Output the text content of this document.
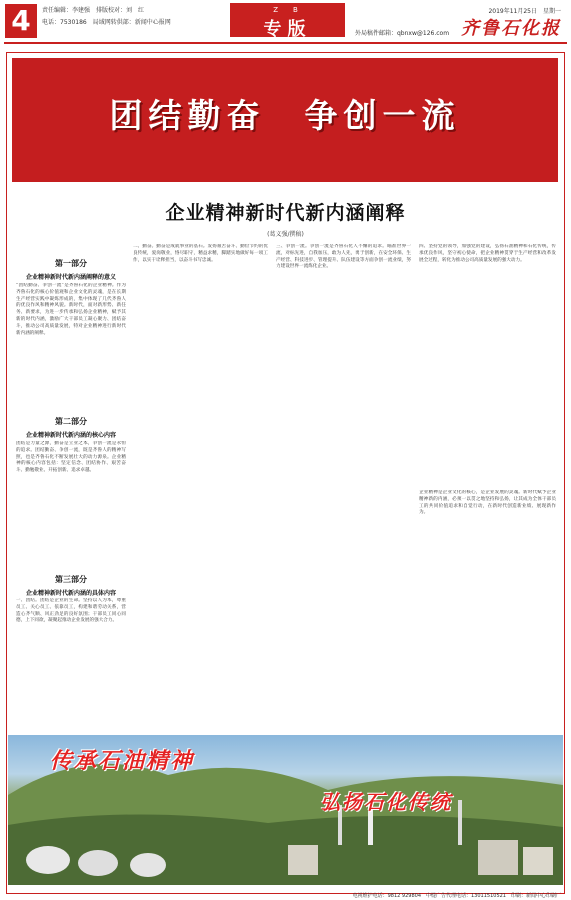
4	责任编辑：李建强　排版校对：刘　红
电话：7530186　局域网转供部：新闻中心报网
Z　B
专版	外局稿件邮箱：qbnxw@126.com
2019年11月25日　星期一
齐鲁石化报
团结勤奋　争创一流
企业精神新时代新内涵阐释
(葛义强/撰稿)
第一部分
企业精神新时代新内涵阐释的意义
“团结勤奋、争创一流”是齐鲁石化的企业精神。作为齐鲁石化的核心价值观和企业文化的灵魂，是在长期生产经营实践中凝炼形成的，集中体现了几代齐鲁人的优良作风和精神风貌。新时代，面对新形势、新任务、新要求，为进一步传承和弘扬企业精神，赋予其新的时代内涵，激励广大干部员工凝心聚力、团结奋斗，推动公司高质量发展，特对企业精神进行新时代新内涵的阐释。
第二部分
企业精神新时代新内涵的核心内容
团结是力量之源，勤奋是立业之本，争创一流是永恒的追求。团结勤奋、争创一流，既是齐鲁人的精神写照，也是齐鲁石化不断发展壮大的动力源泉。企业精神的核心内容包括：坚定信念、团结协作、艰苦奋斗、勤勉敬业、开拓创新、追求卓越。
第三部分
企业精神新时代新内涵的具体内容
一、团结。团结是企业的生命。坚持以人为本，尊重员工、关心员工、依靠员工，构建和谐劳动关系，营造心齐气顺、风正劲足的良好氛围；干部员工同心同德，上下同欲，凝聚起推动企业发展的强大合力。
二、勤奋。勤奋是成就事业的基石。发扬艰苦奋斗、勤俭节约的优良传统，爱岗敬业，恪尽职守，精益求精，脚踏实地做好每一项工作，以实干诠释担当，以奋斗书写忠诚。
三、争创一流。争创一流是齐鲁石化人不懈的追求。瞄准世界一流，对标先进，自我加压，敢为人先，勇于创新，在安全环保、生产经营、科技进步、管理提升、队伍建设等方面争创一流业绩，努力建设世界一流炼化企业。
四、坚持党的领导，加强党的建设，弘扬石油精神和石化传统，传承优良作风，坚守初心使命，把企业精神贯穿于生产经营和改革发展全过程，转化为推动公司高质量发展的强大动力。
企业精神是企业文化的核心，是企业发展的灵魂。新时代赋予企业精神新的内涵，必须一以贯之地坚持和弘扬，让其成为全体干部员工的共同价值追求和自觉行动，在新时代创造新业绩、展现新作为。
传承石油精神
弘扬石化传统
电视维护电话：9812 929804　中缝广告代理电话：13011510521　印刷：新闻中心印刷厂
